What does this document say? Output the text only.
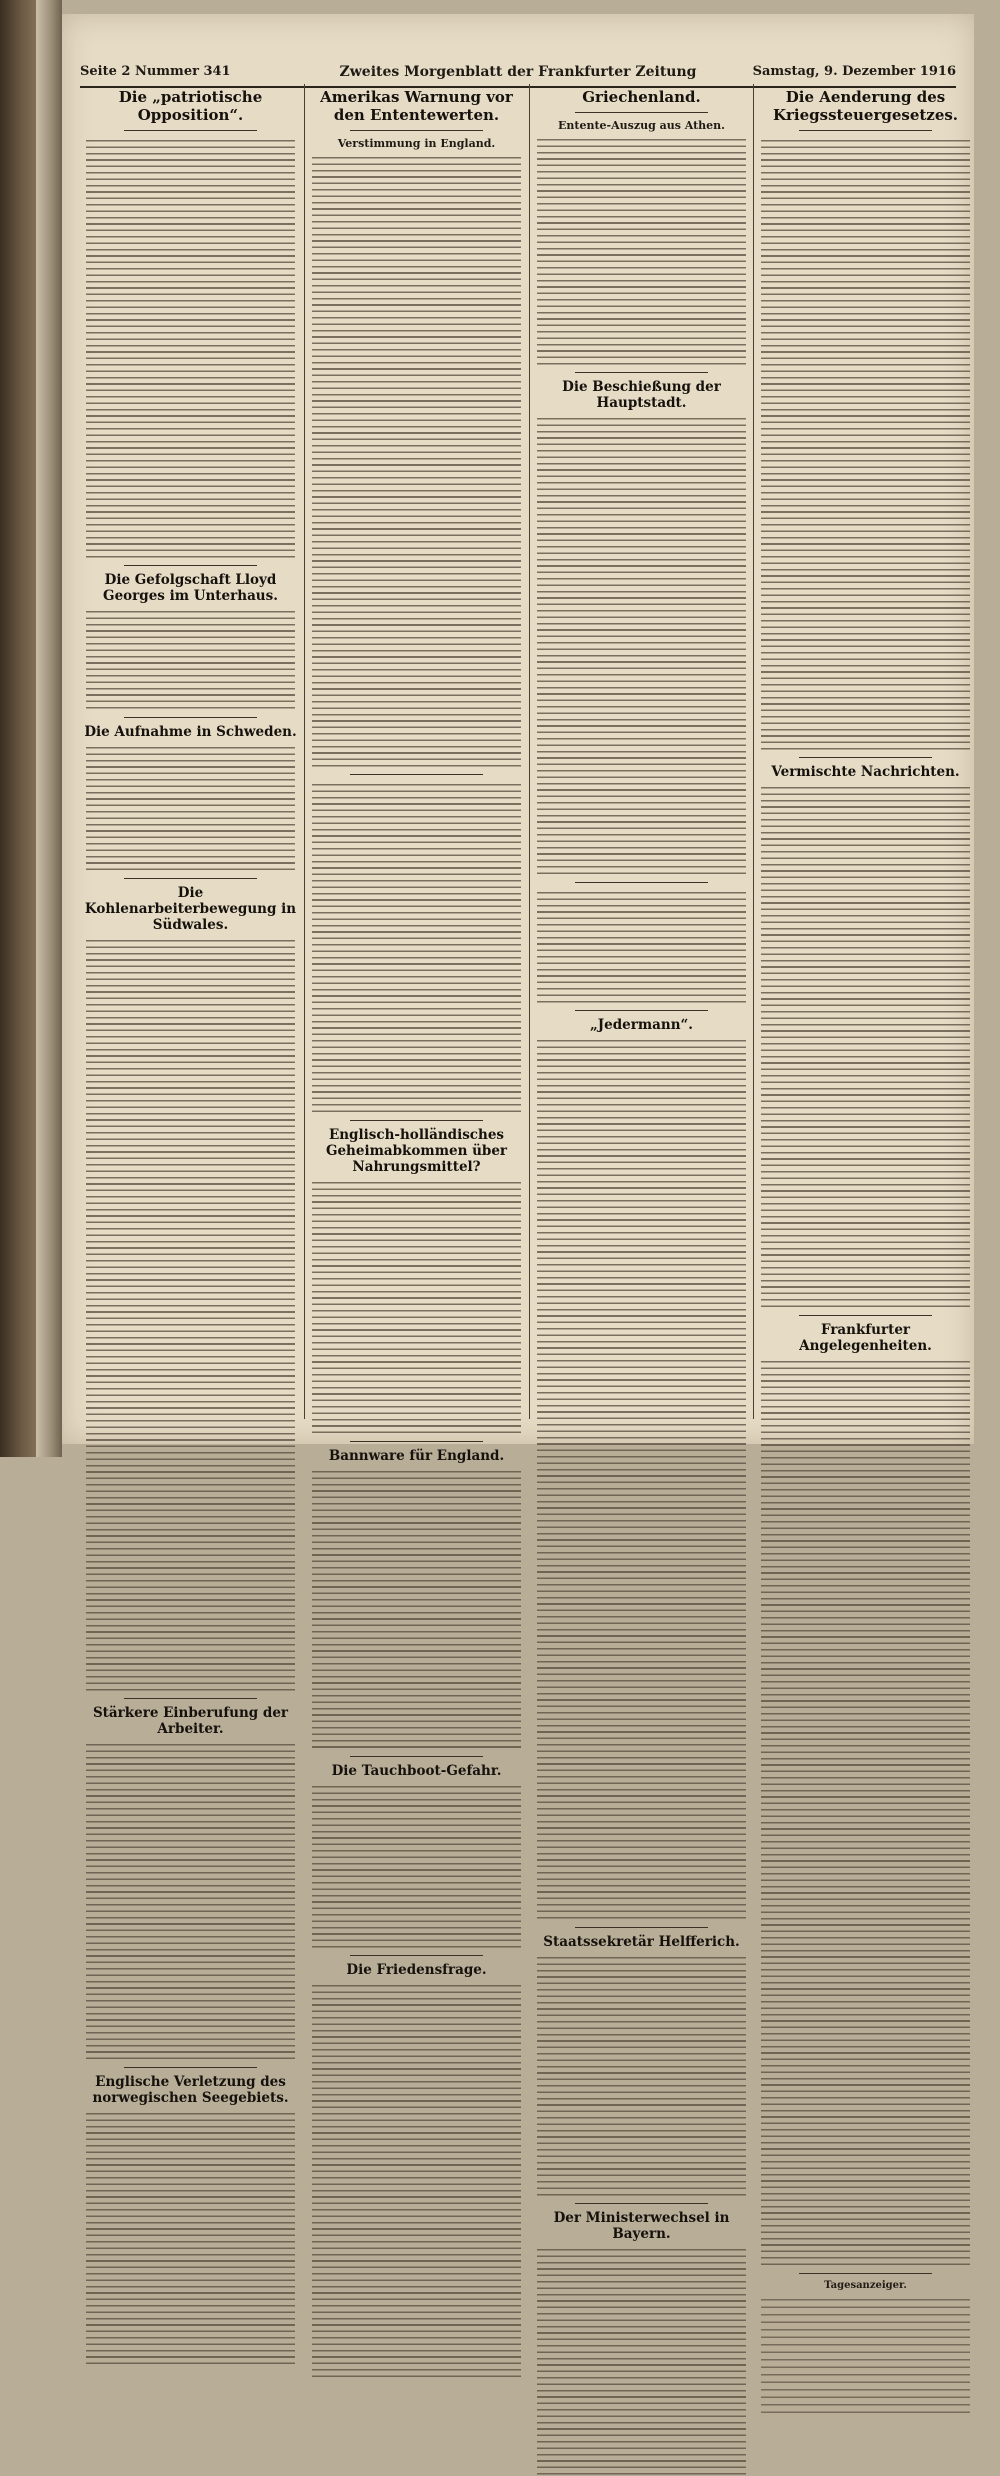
Seite 2 Nummer 341	Zweites Morgenblatt der Frankfurter Zeitung	Samstag, 9. Dezember 1916
Die „patriotische Opposition“.
Die Gefolgschaft Lloyd Georges im Unterhaus.
Die Aufnahme in Schweden.
Die Kohlenarbeiterbewegung in Südwales.
Stärkere Einberufung der Arbeiter.
Englische Verletzung des norwegischen Seegebiets.
Amerikas Warnung vor den Ententewerten.
Verstimmung in England.
Englisch-holländisches Geheimabkommen über Nahrungsmittel?
Bannware für England.
Die Tauchboot-Gefahr.
Die Friedensfrage.
Griechenland.
Entente-Auszug aus Athen.
Die Beschießung der Hauptstadt.
„Jedermann“.
Staatssekretär Helfferich.
Der Ministerwechsel in Bayern.
Die Aenderung des Kriegssteuergesetzes.
Vermischte Nachrichten.
Frankfurter Angelegenheiten.
Tagesanzeiger.
